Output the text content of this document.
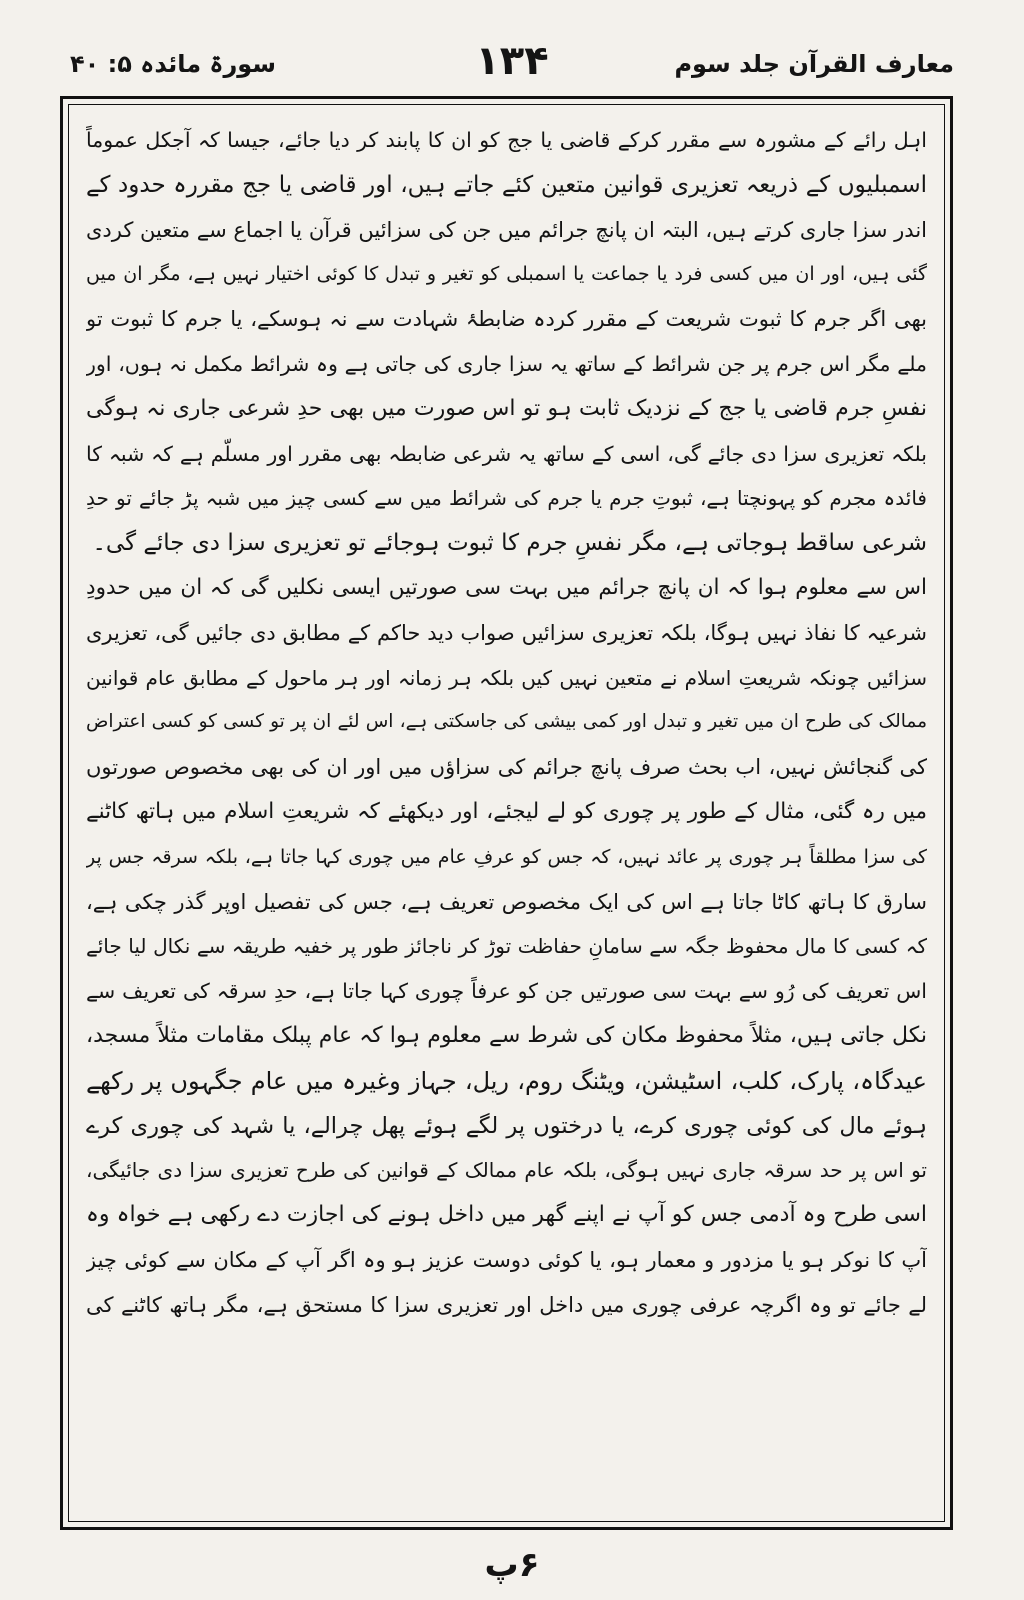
معارف القرآن جلد سوم
۱۳۴
سورۃ مائدہ ۵: ۴۰
اہل رائے کے مشورہ سے مقرر کرکے قاضی یا جج کو ان کا پابند کر دیا جائے، جیسا کہ آجکل عموماً
اسمبلیوں کے ذریعہ تعزیری قوانین متعین کئے جاتے ہیں، اور قاضی یا جج مقررہ حدود کے
اندر سزا جاری کرتے ہیں، البتہ ان پانچ جرائم میں جن کی سزائیں قرآن یا اجماع سے متعین کردی
گئی ہیں، اور ان میں کسی فرد یا جماعت یا اسمبلی کو تغیر و تبدل کا کوئی اختیار نہیں ہے، مگر ان میں
بھی اگر جرم کا ثبوت شریعت کے مقرر کردہ ضابطۂ شہادت سے نہ ہوسکے، یا جرم کا ثبوت تو
ملے مگر اس جرم پر جن شرائط کے ساتھ یہ سزا جاری کی جاتی ہے وہ شرائط مکمل نہ ہوں، اور
نفسِ جرم قاضی یا جج کے نزدیک ثابت ہو تو اس صورت میں بھی حدِ شرعی جاری نہ ہوگی
بلکہ تعزیری سزا دی جائے گی، اسی کے ساتھ یہ شرعی ضابطہ بھی مقرر اور مسلّم ہے کہ شبہ کا
فائدہ مجرم کو پہونچتا ہے، ثبوتِ جرم یا جرم کی شرائط میں سے کسی چیز میں شبہ پڑ جائے تو حدِ
شرعی ساقط ہوجاتی ہے، مگر نفسِ جرم کا ثبوت ہوجائے تو تعزیری سزا دی جائے گی۔
اس سے معلوم ہوا کہ ان پانچ جرائم میں بہت سی صورتیں ایسی نکلیں گی کہ ان میں حدودِ
شرعیہ کا نفاذ نہیں ہوگا، بلکہ تعزیری سزائیں صواب دید حاکم کے مطابق دی جائیں گی، تعزیری
سزائیں چونکہ شریعتِ اسلام نے متعین نہیں کیں بلکہ ہر زمانہ اور ہر ماحول کے مطابق عام قوانین
ممالک کی طرح ان میں تغیر و تبدل اور کمی بیشی کی جاسکتی ہے، اس لئے ان پر تو کسی کو کسی اعتراض
کی گنجائش نہیں، اب بحث صرف پانچ جرائم کی سزاؤں میں اور ان کی بھی مخصوص صورتوں
میں رہ گئی، مثال کے طور پر چوری کو لے لیجئے، اور دیکھئے کہ شریعتِ اسلام میں ہاتھ کاٹنے
کی سزا مطلقاً ہر چوری پر عائد نہیں، کہ جس کو عرفِ عام میں چوری کہا جاتا ہے، بلکہ سرقہ جس پر
سارق کا ہاتھ کاٹا جاتا ہے اس کی ایک مخصوص تعریف ہے، جس کی تفصیل اوپر گذر چکی ہے،
کہ کسی کا مال محفوظ جگہ سے سامانِ حفاظت توڑ کر ناجائز طور پر خفیہ طریقہ سے نکال لیا جائے
اس تعریف کی رُو سے بہت سی صورتیں جن کو عرفاً چوری کہا جاتا ہے، حدِ سرقہ کی تعریف سے
نکل جاتی ہیں، مثلاً محفوظ مکان کی شرط سے معلوم ہوا کہ عام پبلک مقامات مثلاً مسجد،
عیدگاہ، پارک، کلب، اسٹیشن، ویٹنگ روم، ریل، جہاز وغیرہ میں عام جگہوں پر رکھے
ہوئے مال کی کوئی چوری کرے، یا درختوں پر لگے ہوئے پھل چرالے، یا شہد کی چوری کرے
تو اس پر حد سرقہ جاری نہیں ہوگی، بلکہ عام ممالک کے قوانین کی طرح تعزیری سزا دی جائیگی،
اسی طرح وہ آدمی جس کو آپ نے اپنے گھر میں داخل ہونے کی اجازت دے رکھی ہے خواہ وہ
آپ کا نوکر ہو یا مزدور و معمار ہو، یا کوئی دوست عزیز ہو وہ اگر آپ کے مکان سے کوئی چیز
لے جائے تو وہ اگرچہ عرفی چوری میں داخل اور تعزیری سزا کا مستحق ہے، مگر ہاتھ کاٹنے کی
۶پ
